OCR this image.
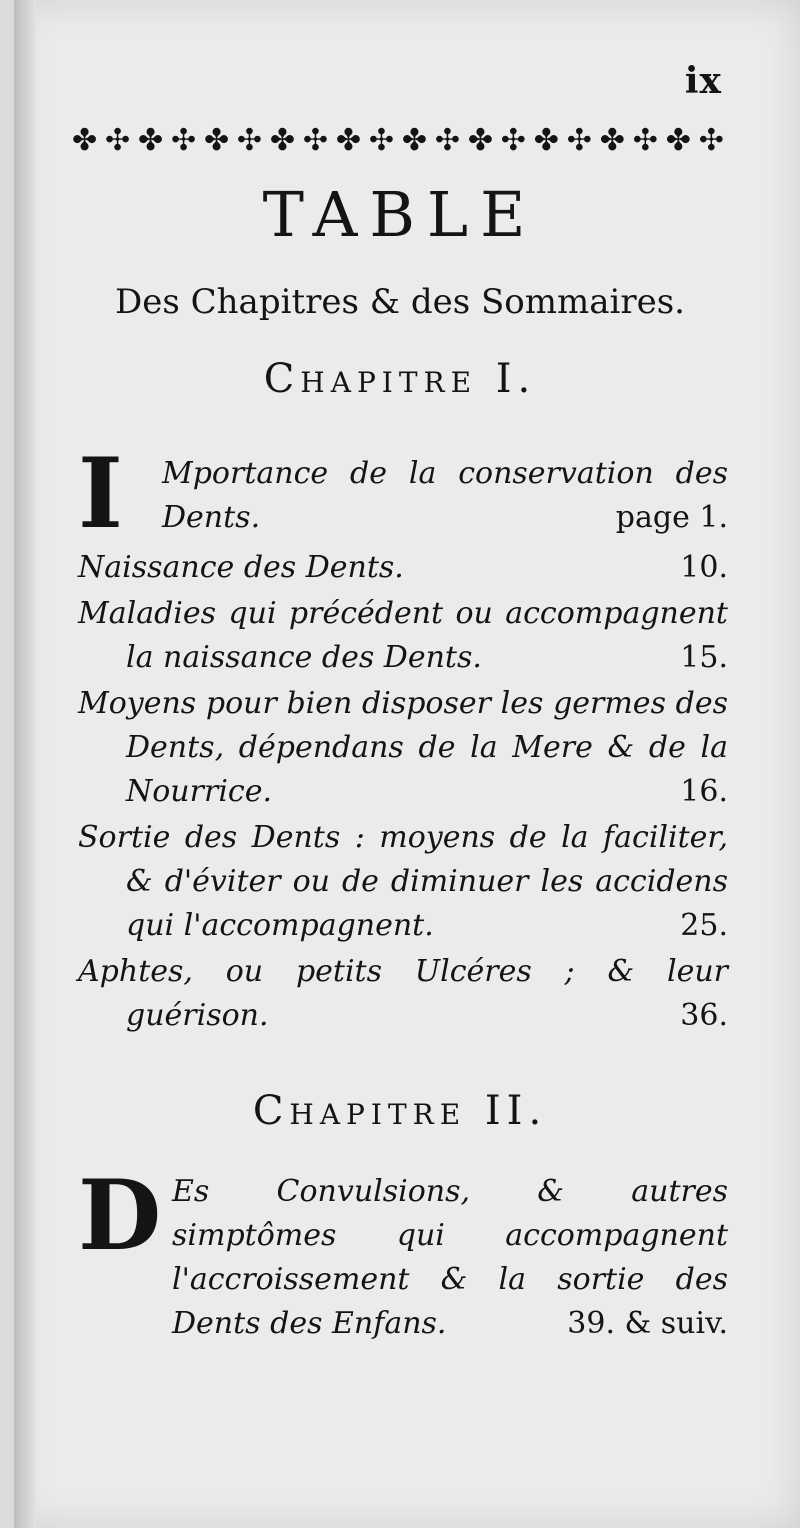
ix
✤ ✣ ✤ ✣ ✤ ✣ ✤ ✣ ✤ ✣ ✤ ✣ ✤ ✣ ✤ ✣ ✤ ✣ ✤ ✣
TABLE
Des Chapitres & des Sommaires.
Chapitre I.
I	Mportance de la conservation des Dents.	page 1.
Naissance des Dents.	10.
Maladies qui précédent ou accompagnent la naissance des Dents.	15.
Moyens pour bien disposer les germes des Dents, dépendans de la Mere & de la Nourrice.	16.
Sortie des Dents : moyens de la faciliter, & d'éviter ou de diminuer les accidens qui l'accompagnent.	25.
Aphtes, ou petits Ulcéres ; & leur guérison.	36.
Chapitre II.
D Es Convulsions, & autres simptômes qui accompagnent l'accroissement & la sortie des Dents des Enfans.	39. & suiv.
